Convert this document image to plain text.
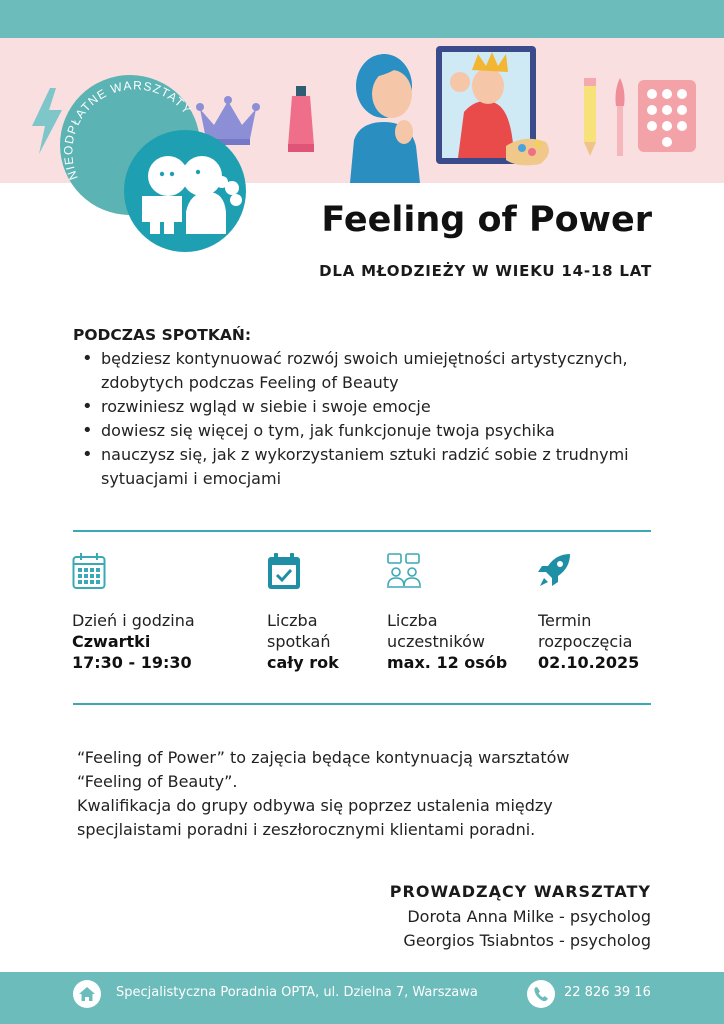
NIEODPŁATNE WARSZTATY
Feeling of Power
DLA MŁODZIEŻY W WIEKU 14-18 LAT
PODCZAS SPOTKAŃ:
• będziesz kontynuować rozwój swoich umiejętności artystycznych, zdobytych podczas Feeling of Beauty
• rozwiniesz wgląd w siebie i swoje emocje
• dowiesz się więcej o tym, jak funkcjonuje twoja psychika
• nauczysz się, jak z wykorzystaniem sztuki radzić sobie z trudnymi sytuacjami i emocjami
Dzień i godzina
Czwartki
17:30 - 19:30
Liczba
spotkań
cały rok
Liczba
uczestników
max. 12 osób
Termin
rozpoczęcia
02.10.2025

“Feeling of Power” to zajęcia będące kontynuacją warsztatów

“Feeling of Beauty”.

Kwalifikacja do grupy odbywa się poprzez ustalenia między

specjlaistami poradni i zeszłorocznymi klientami poradni.

PROWADZĄCY WARSZTATY
Dorota Anna Milke - psycholog
Georgios Tsiabntos - psycholog
Specjalistyczna Poradnia OPTA, ul. Dzielna 7, Warszawa	22 826 39 16
